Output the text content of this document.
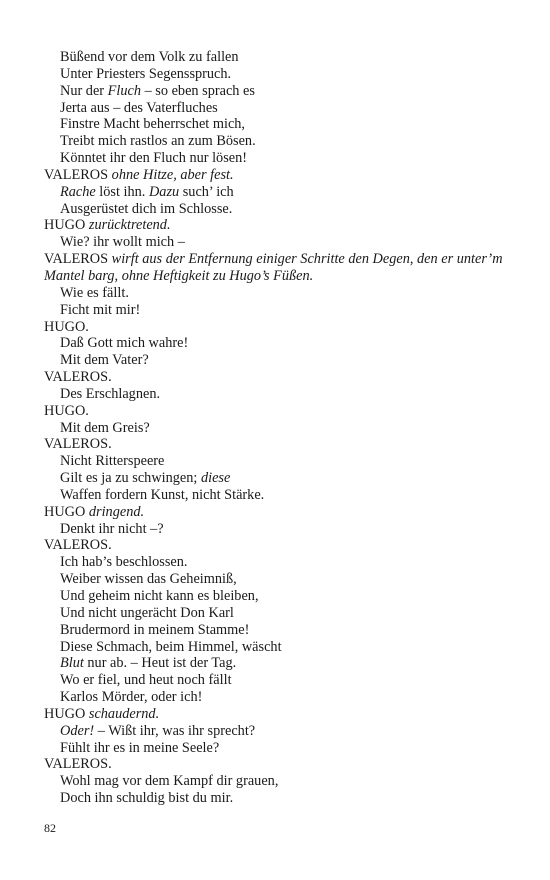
Büßend vor dem Volk zu fallen
Unter Priesters Segensspruch.
Nur der Fluch – so eben sprach es
Jerta aus – des Vaterfluches
Finstre Macht beherrschet mich,
Treibt mich rastlos an zum Bösen.
Könntet ihr den Fluch nur lösen!
VALEROS ohne Hitze, aber fest.
Rache löst ihn. Dazu such’ ich
Ausgerüstet dich im Schlosse.
HUGO zurücktretend.
Wie? ihr wollt mich –
VALEROS wirft aus der Entfernung einiger Schritte den Degen, den er unter’m Mantel barg, ohne Heftigkeit zu Hugo’s Füßen.
Wie es fällt.
Ficht mit mir!
HUGO.
Daß Gott mich wahre!
Mit dem Vater?
VALEROS.
Des Erschlagnen.
HUGO.
Mit dem Greis?
VALEROS.
Nicht Ritterspeere
Gilt es ja zu schwingen; diese
Waffen fordern Kunst, nicht Stärke.
HUGO dringend.
Denkt ihr nicht –?
VALEROS.
Ich hab’s beschlossen.
Weiber wissen das Geheimniß,
Und geheim nicht kann es bleiben,
Und nicht ungerächt Don Karl
Brudermord in meinem Stamme!
Diese Schmach, beim Himmel, wäscht
Blut nur ab. – Heut ist der Tag.
Wo er fiel, und heut noch fällt
Karlos Mörder, oder ich!
HUGO schaudernd.
Oder! – Wißt ihr, was ihr sprecht?
Fühlt ihr es in meine Seele?
VALEROS.
Wohl mag vor dem Kampf dir grauen,
Doch ihn schuldig bist du mir.
82
